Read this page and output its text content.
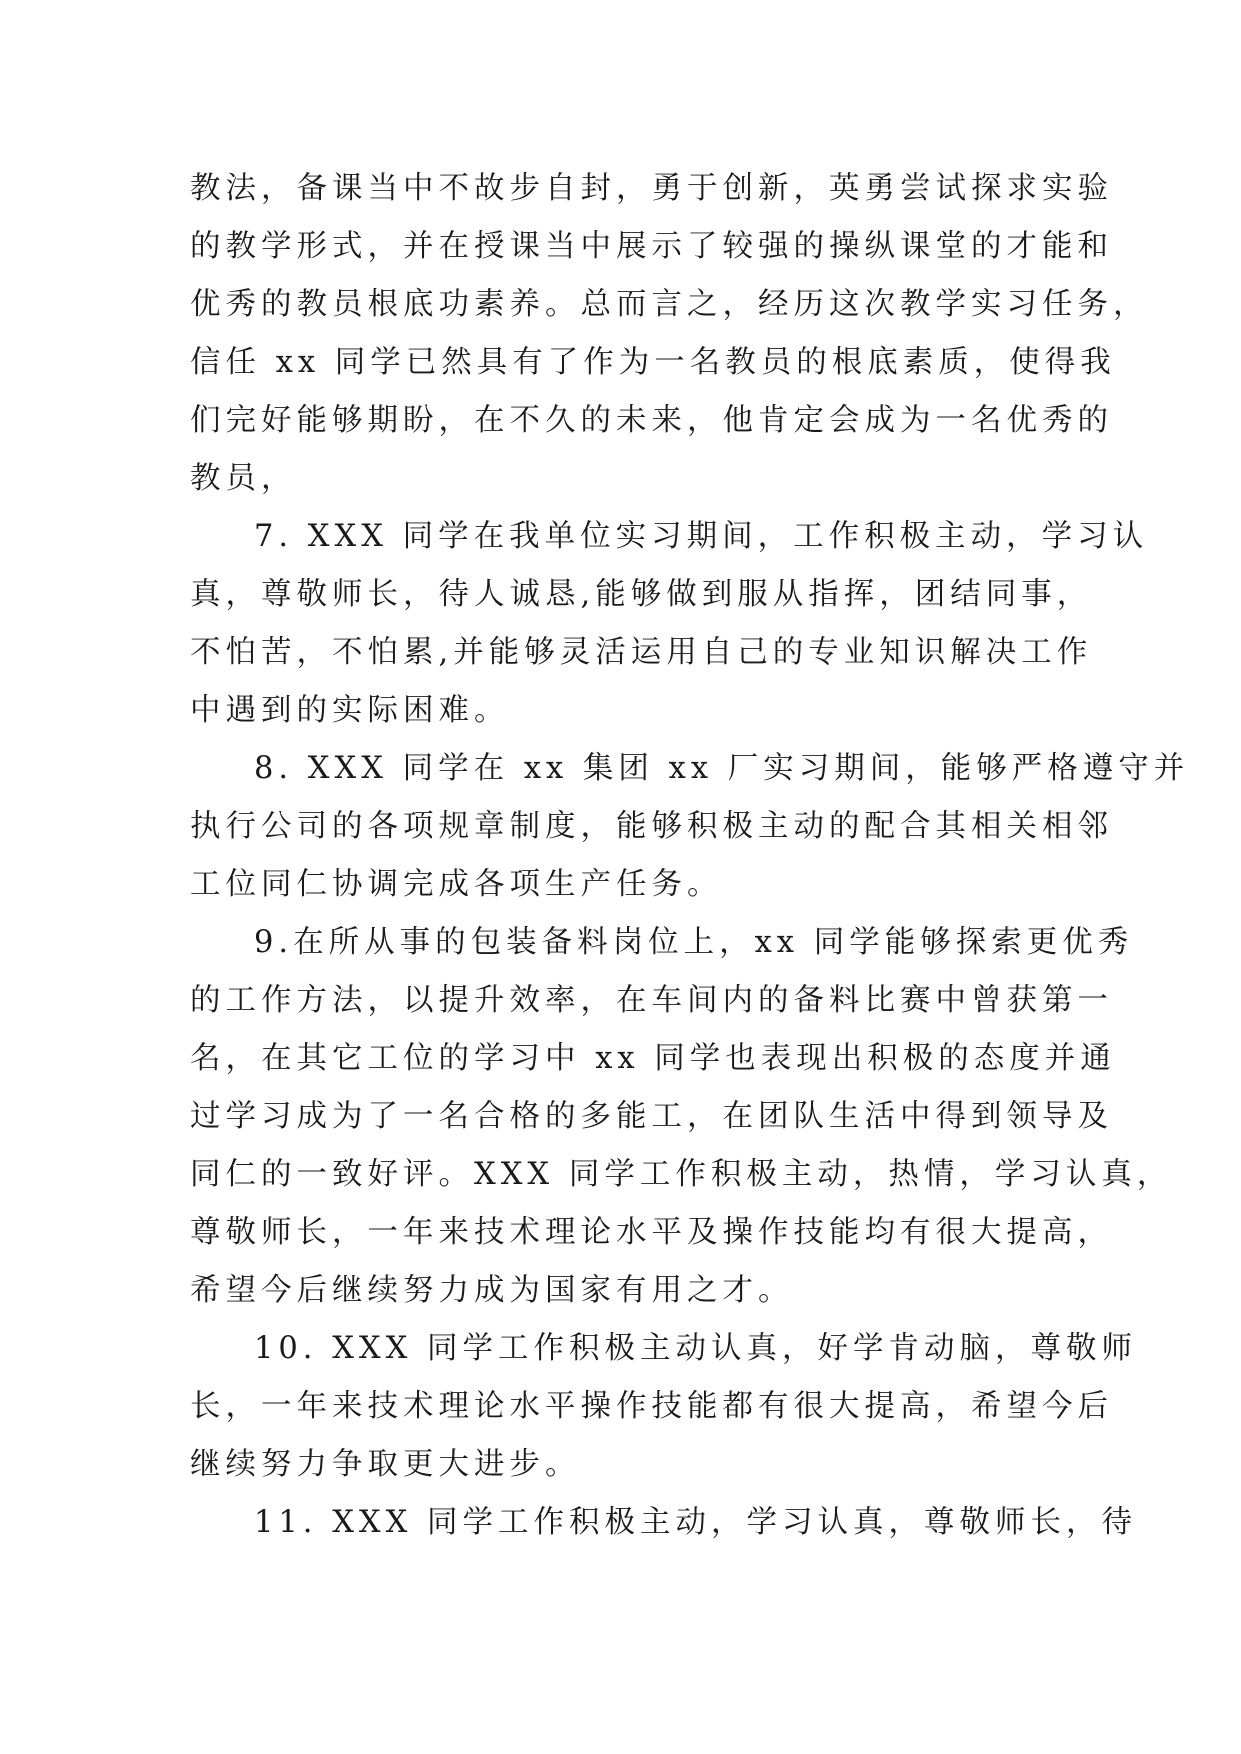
教法，备课当中不故步自封，勇于创新，英勇尝试探求实验
的教学形式，并在授课当中展示了较强的操纵课堂的才能和
优秀的教员根底功素养。总而言之，经历这次教学实习任务，
信任 xx 同学已然具有了作为一名教员的根底素质，使得我
们完好能够期盼，在不久的未来，他肯定会成为一名优秀的
教员，
7. XXX 同学在我单位实习期间，工作积极主动，学习认
真，尊敬师长，待人诚恳,能够做到服从指挥，团结同事，
不怕苦，不怕累,并能够灵活运用自己的专业知识解决工作
中遇到的实际困难。
8. XXX 同学在 xx 集团 xx 厂实习期间，能够严格遵守并
执行公司的各项规章制度，能够积极主动的配合其相关相邻
工位同仁协调完成各项生产任务。
9.在所从事的包装备料岗位上，xx 同学能够探索更优秀
的工作方法，以提升效率，在车间内的备料比赛中曾获第一
名，在其它工位的学习中 xx 同学也表现出积极的态度并通
过学习成为了一名合格的多能工，在团队生活中得到领导及
同仁的一致好评。XXX 同学工作积极主动，热情，学习认真，
尊敬师长，一年来技术理论水平及操作技能均有很大提高，
希望今后继续努力成为国家有用之才。
10. XXX 同学工作积极主动认真，好学肯动脑，尊敬师
长，一年来技术理论水平操作技能都有很大提高，希望今后
继续努力争取更大进步。
11. XXX 同学工作积极主动，学习认真，尊敬师长，待
